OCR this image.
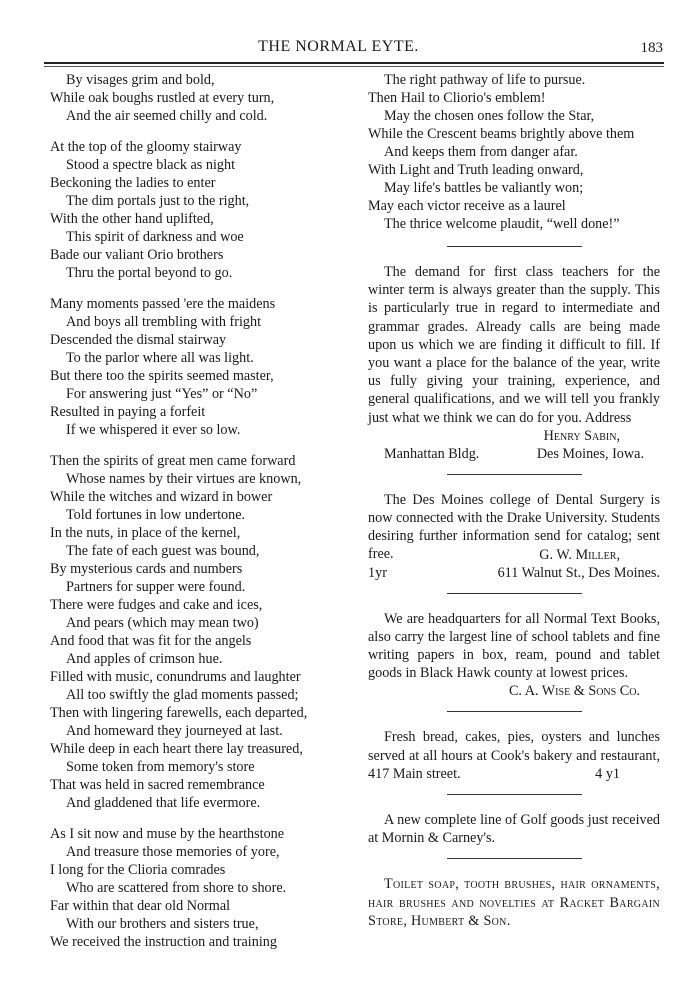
THE NORMAL EYTE.	183
By visages grim and bold,
While oak boughs rustled at every turn,
And the air seemed chilly and cold.
At the top of the gloomy stairway
Stood a spectre black as night
Beckoning the ladies to enter
The dim portals just to the right,
With the other hand uplifted,
This spirit of darkness and woe
Bade our valiant Orio brothers
Thru the portal beyond to go.
Many moments passed 'ere the maidens
And boys all trembling with fright
Descended the dismal stairway
To the parlor where all was light.
But there too the spirits seemed master,
For answering just “Yes” or “No”
Resulted in paying a forfeit
If we whispered it ever so low.
Then the spirits of great men came forward
Whose names by their virtues are known,
While the witches and wizard in bower
Told fortunes in low undertone.
In the nuts, in place of the kernel,
The fate of each guest was bound,
By mysterious cards and numbers
Partners for supper were found.
There were fudges and cake and ices,
And pears (which may mean two)
And food that was fit for the angels
And apples of crimson hue.
Filled with music, conundrums and laughter
All too swiftly the glad moments passed;
Then with lingering farewells, each departed,
And homeward they journeyed at last.
While deep in each heart there lay treasured,
Some token from memory's store
That was held in sacred remembrance
And gladdened that life evermore.
As I sit now and muse by the hearthstone
And treasure those memories of yore,
I long for the Clioria comrades
Who are scattered from shore to shore.
Far within that dear old Normal
With our brothers and sisters true,
We received the instruction and training
The right pathway of life to pursue.
Then Hail to Cliorio's emblem!
May the chosen ones follow the Star,
While the Crescent beams brightly above them
And keeps them from danger afar.
With Light and Truth leading onward,
May life's battles be valiantly won;
May each victor receive as a laurel
The thrice welcome plaudit, “well done!”

The demand for first class teachers for the winter term is always greater than the supply. This is particularly true in regard to intermediate and grammar grades. Already calls are being made upon us which we are finding it difficult to fill. If you want a place for the balance of the year, write us fully giving your training, experience, and general qualifications, and we will tell you frankly just what we think we can do for you. Address

Henry Sabin,
Manhattan Bldg.	Des Moines, Iowa.

The Des Moines college of Dental Surgery is now connected with the Drake University. Students desiring further information send for catalog; sent free.	G. W. Miller,
1yr	611 Walnut St., Des Moines.

We are headquarters for all Normal Text Books, also carry the largest line of school tablets and fine writing papers in box, ream, pound and tablet goods in Black Hawk county at lowest prices.

C. A. Wise & Sons Co.

Fresh bread, cakes, pies, oysters and lunches served at all hours at Cook's bakery and restaurant, 417 Main street.	4 y1

A new complete line of Golf goods just received at Mornin & Carney's.

Toilet soap, tooth brushes, hair ornaments, hair brushes and novelties at Racket Bargain Store, Humbert & Son.
